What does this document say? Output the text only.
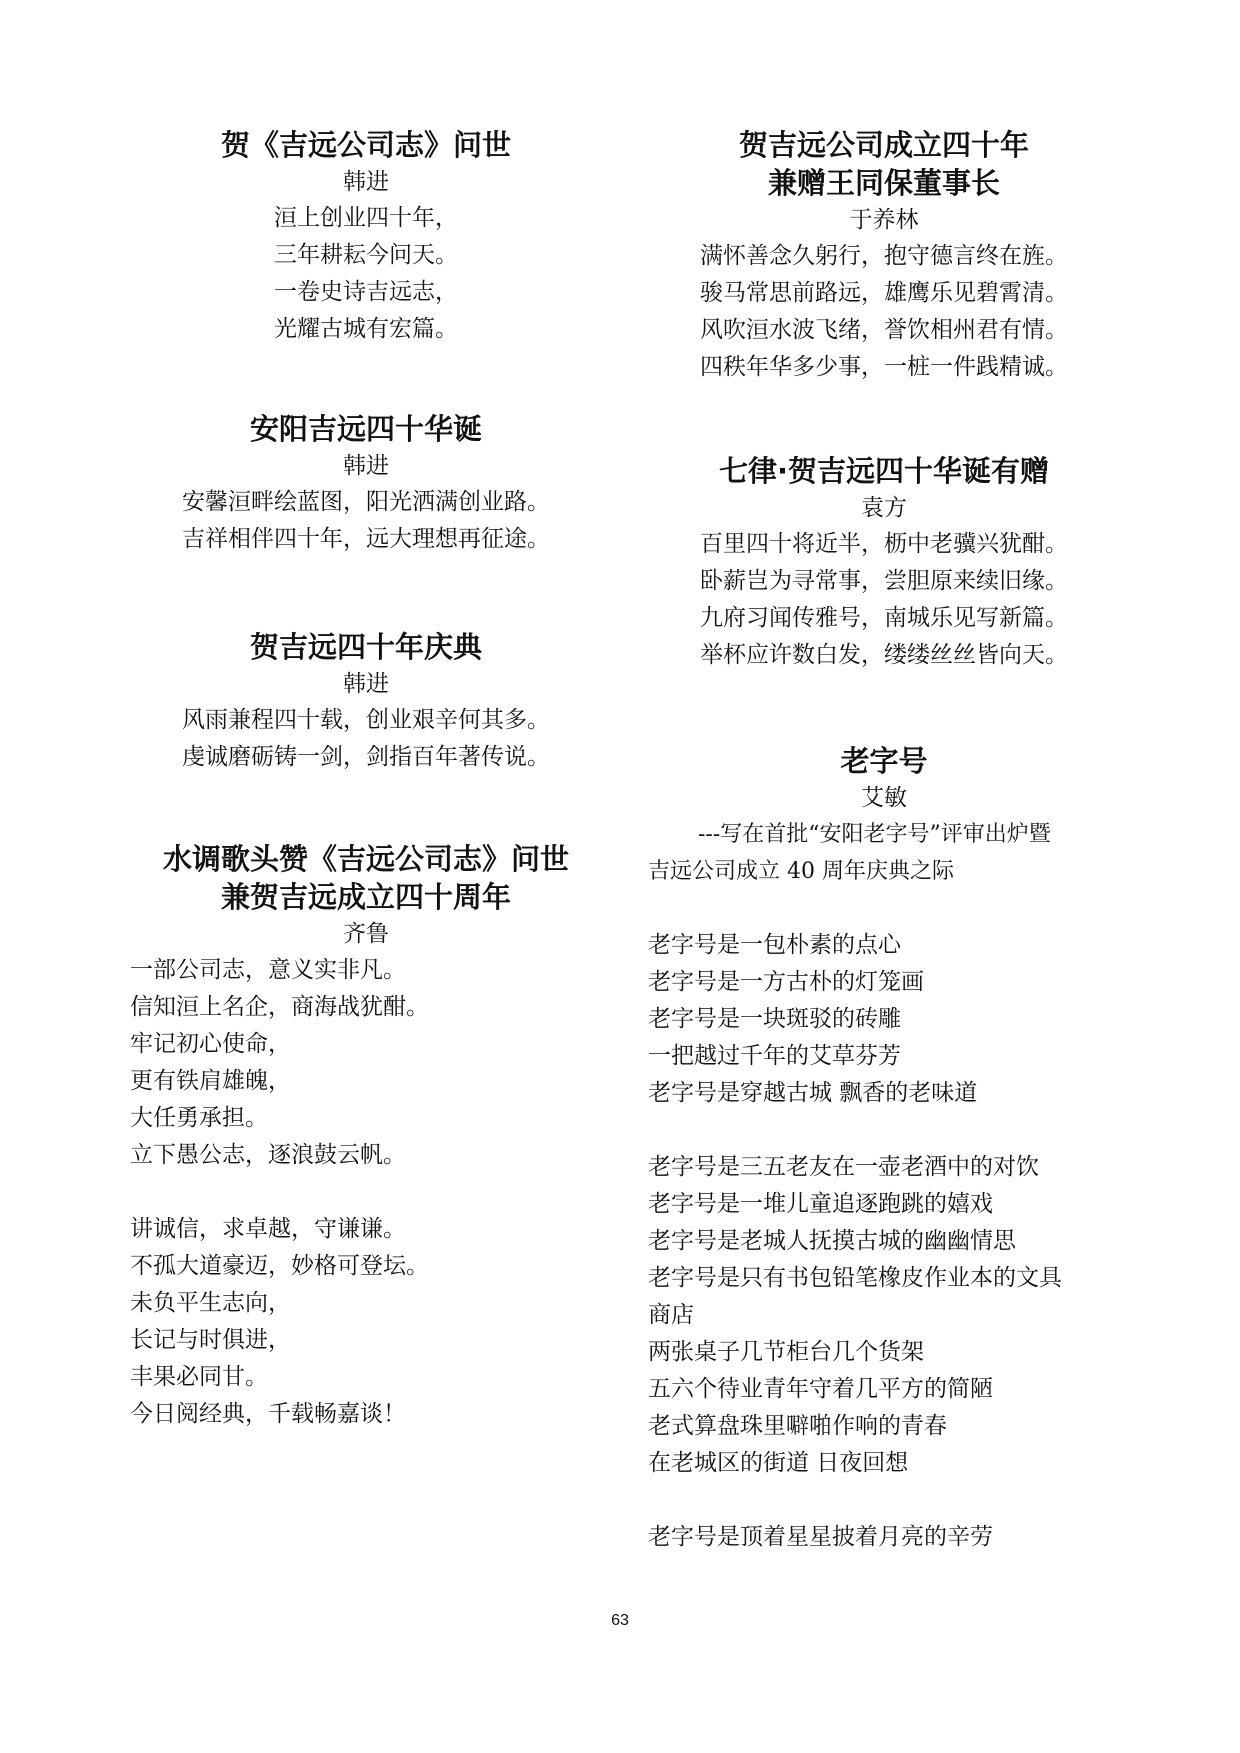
贺《吉远公司志》问世
韩进
洹上创业四十年，
三年耕耘今问天。
一卷史诗吉远志，
光耀古城有宏篇。
安阳吉远四十华诞
韩进
安馨洹畔绘蓝图，阳光洒满创业路。
吉祥相伴四十年，远大理想再征途。
贺吉远四十年庆典
韩进
风雨兼程四十载，创业艰辛何其多。
虔诚磨砺铸一剑，剑指百年著传说。
水调歌头赞《吉远公司志》问世
兼贺吉远成立四十周年
齐鲁
一部公司志，意义实非凡。
信知洹上名企，商海战犹酣。
牢记初心使命，
更有铁肩雄魄，
大任勇承担。
立下愚公志，逐浪鼓云帆。
讲诚信，求卓越，守谦谦。
不孤大道豪迈，妙格可登坛。
未负平生志向，
长记与时俱进，
丰果必同甘。
今日阅经典，千载畅嘉谈！
贺吉远公司成立四十年
兼赠王同保董事长
于养林
满怀善念久躬行，抱守德言终在旌。
骏马常思前路远，雄鹰乐见碧霄清。
风吹洹水波飞绪，誉饮相州君有情。
四秩年华多少事，一桩一件践精诚。
七律·贺吉远四十华诞有赠
袁方
百里四十将近半，枥中老骥兴犹酣。
卧薪岂为寻常事，尝胆原来续旧缘。
九府习闻传雅号，南城乐见写新篇。
举杯应许数白发，缕缕丝丝皆向天。
老字号
艾敏
---写在首批“安阳老字号”评审出炉暨
吉远公司成立 40 周年庆典之际
老字号是一包朴素的点心
老字号是一方古朴的灯笼画
老字号是一块斑驳的砖雕
一把越过千年的艾草芬芳
老字号是穿越古城 飘香的老味道
老字号是三五老友在一壶老酒中的对饮
老字号是一堆儿童追逐跑跳的嬉戏
老字号是老城人抚摸古城的幽幽情思
老字号是只有书包铅笔橡皮作业本的文具
商店
两张桌子几节柜台几个货架
五六个待业青年守着几平方的简陋
老式算盘珠里噼啪作响的青春
在老城区的街道 日夜回想
老字号是顶着星星披着月亮的辛劳
63
